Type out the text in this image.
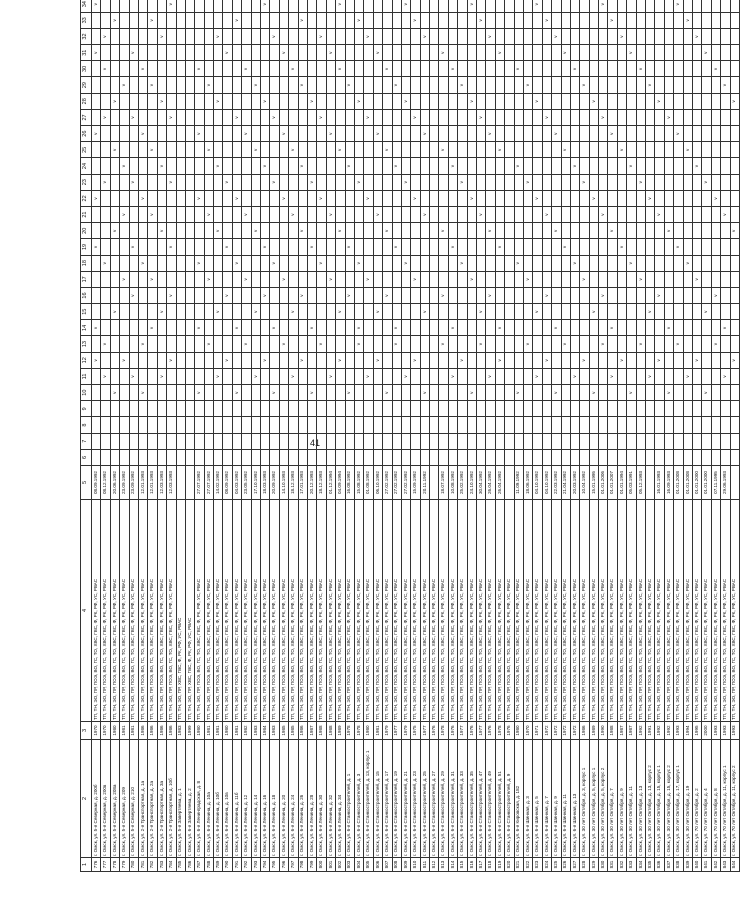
41
1	2	3	4	5	6	7	8	9	10	11	12	13	14	15	16	17	18	19	20	21	22	23	24	25	26	27	28	29	30	31	32	33	34
776	г. Омск, ул. 5-я Северная, д. 200б	1970	ТП, ТН, ЭО, ПР, ПОЭ, ВО, ГС, ТО, ХВС, ГВС, Ф, РК, РФ, УС, РВАС	08.09.1992							v		v					v			v				v					v			v
777	г. Омск, ул. 5-я Северная, д. 200в	1970	ТП, ТН, ЭО, ПР, ПОЭ, ВО, ГС, ТО, ХВС, ГВС, Ф, РК, РФ, УС, РВАС	08.12.1992						v		v					v					v				v			v		v		
778	г. Омск, ул. 5-я Северная, д. 208а	1980	ТП, ТН, ЭО, ПР, ПОЭ, ВО, ГС, ТО, ХВС, ГВС, Ф, РК, РФ, УС, РВАС	20.06.1992					v					v					v					v			v					v	
779	г. Омск, ул. 5-я Северная, д. 209	1981	ТП, ТН, ЭО, ПР, ПОЭ, ВО, ГС, ТО, ХВС, ГВС, Ф, РК, РФ, УС, РВАС	23.09.1992							v					v				v			v					v					
780	г. Омск, ул. 5-я Северная, д. 210	1981	ТП, ТН, ЭО, ПР, ПОЭ, ВО, ГС, ТО, ХВС, ГВС, Ф, РК, РФ, УС, РВАС	23.09.1992						v					v			v				v				v				v			
781	г. Омск, ул. 2-я Транспортная, д. 1а	1986	ТП, ТН, ЭО, ПР, ПОЭ, ВО, ГС, ТО, ХВС, ГВС, Ф, РК, РФ, УС, РВАС	12.01.1993					v			v					v				v				v				v				
782	г. Омск, ул. 2-я Транспортная, д. 2а	1986	ТП, ТН, ЭО, ПР, ПОЭ, ВО, ГС, ТО, ХВС, ГВС, Ф, РК, РФ, УС, РВАС	12.01.1993									v			v				v				v				v				v	
783	г. Омск, ул. 2-я Транспортная, д. 3а	1986	ТП, ТН, ЭО, ПР, ПОЭ, ВО, ГС, ТО, ХВС, ГВС, Ф, РК, РФ, УС, РВАС	12.03.1993						v				v					v				v				v				v		
784	г. Омск, ул. 2-я Транспортная, д. 10б	1986	ТП, ТН, ЭО, ПР, ПОЭ, ВО, ГС, ТО, ХВС, ГВС, Ф, РК, РФ, УС, РВАС	12.03.1993							v				v			v				v				v							v
785	г. Омск, ул. 5-я Завертяева, д. 1	1983	ТП, ТН, ЭО, ПР, ХВС, ГВС, Ф, РК, РФ, УС, РВАС																														
786	г. Омск, ул. 6-я Завертяева, д. 2	1999	ТП, ТН, ЭО, ПР, ХВС, ГВС, Ф, РК, РФ, УС, РВАС																														
787	г. Омск, ул. 6-я Ленинградская, д. 8	1980	ТП, ТН, ЭО, ПР, ПОЭ, ВО, ГС, ТО, ХВС, ГВС, Ф, РК, РФ, УС, РВАС	27.07.1992					v				v				v				v				v				v				
788	г. Омск, ул. 6-я Ленина, д. 10а	1981	ТП, ТН, ЭО, ПР, ПОЭ, ВО, ГС, ТО, ХВС, ГВС, Ф, РК, РФ, УС, РВАС	27.07.1992								v				v				v				v				v					
789	г. Омск, ул. 6-я Ленина, д. 10б	1981	ТП, ТН, ЭО, ПР, ПОЭ, ВО, ГС, ТО, ХВС, ГВС, Ф, РК, РФ, УС, РВАС	14.02.1992						v				v					v				v				v				v		
790	г. Омск, ул. 6-я Ленина, д. 10в	1980	ТП, ТН, ЭО, ПР, ПОЭ, ВО, ГС, ТО, ХВС, ГВС, Ф, РК, РФ, УС, РВАС	08.09.1992							v				v			v				v								v			
791	г. Омск, ул. 6-я Ленина, д. 11б	1981	ТП, ТН, ЭО, ПР, ПОЭ, ВО, ГС, ТО, ХВС, ГВС, Ф, РК, РФ, УС, РВАС	04.03.1992					v				v				v				v					v						v	
792	г. Омск, ул. 6-я Ленина, д. 12	1982	ТП, ТН, ЭО, ПР, ПОЭ, ВО, ГС, ТО, ХВС, ГВС, Ф, РК, РФ, УС, РВАС	23.05.1992								v				v				v					v				v				
793	г. Омск, ул. 6-я Ленина, д. 14	1983	ТП, ТН, ЭО, ПР, ПОЭ, ВО, ГС, ТО, ХВС, ГВС, Ф, РК, РФ, УС, РВАС	17.10.1992						v				v					v					v				v					
794	г. Омск, ул. 6-я Ленина, д. 16	1984	ТП, ТН, ЭО, ПР, ПОЭ, ВО, ГС, ТО, ХВС, ГВС, Ф, РК, РФ, УС, РВАС	18.03.1993							v				v			v					v				v						v
795	г. Омск, ул. 6-я Ленина, д. 18	1983	ТП, ТН, ЭО, ПР, ПОЭ, ВО, ГС, ТО, ХВС, ГВС, Ф, РК, РФ, УС, РВАС	20.09.1992					v				v				v					v				v					v		
796	г. Омск, ул. 6-я Ленина, д. 20	1985	ТП, ТН, ЭО, ПР, ПОЭ, ВО, ГС, ТО, ХВС, ГВС, Ф, РК, РФ, УС, РВАС	14.10.1993								v				v					v				v					v			
797	г. Омск, ул. 6-я Ленина, д. 24	1985	ТП, ТН, ЭО, ПР, ПОЭ, ВО, ГС, ТО, ХВС, ГВС, Ф, РК, РФ, УС, РВАС	18.12.1993						v				v						v				v					v				
798	г. Омск, ул. 6-я Ленина, д. 26	1986	ТП, ТН, ЭО, ПР, ПОЭ, ВО, ГС, ТО, ХВС, ГВС, Ф, РК, РФ, УС, РВАС	17.01.1993							v				v				v				v					v				v	
799	г. Омск, ул. 6-я Ленина, д. 28	1987	ТП, ТН, ЭО, ПР, ПОЭ, ВО, ГС, ТО, ХВС, ГВС, Ф, РК, РФ, УС, РВАС	20.12.1993					v				v					v				v					v						
800	г. Омск, ул. 6-я Ленина, д. 30	1988	ТП, ТН, ЭО, ПР, ПОЭ, ВО, ГС, ТО, ХВС, ГВС, Ф, РК, РФ, УС, РВАС	18.12.1993								v					v				v					v					v		
801	г. Омск, ул. 6-я Ленина, д. 32	1988	ТП, ТН, ЭО, ПР, ПОЭ, ВО, ГС, ТО, ХВС, ГВС, Ф, РК, РФ, УС, РВАС	01.12.1994						v						v				v					v					v			
802	г. Омск, ул. 6-я Ленина, д. 34	1989	ТП, ТН, ЭО, ПР, ПОЭ, ВО, ГС, ТО, ХВС, ГВС, Ф, РК, РФ, УС, РВАС	04.09.1994							v			v					v					v					v				v
803	г. Омск, ул. 6-я Станкостроителей, д. 1	1978	ТП, ТН, ЭО, ПР, ПОЭ, ВО, ГС, ТО, ХВС, ГВС, Ф, РК, РФ, УС, РВАС	16.08.1992					v						v			v					v					v					
804	г. Омск, ул. 6-я Станкостроителей, д. 3	1978	ТП, ТН, ЭО, ПР, ПОЭ, ВО, ГС, ТО, ХВС, ГВС, Ф, РК, РФ, УС, РВАС	15.08.1992								v	v				v					v					v					v	
805	г. Омск, ул. 6-я Станкостроителей, д. 13, корпус 1	1980	ТП, ТН, ЭО, ПР, ПОЭ, ВО, ГС, ТО, ХВС, ГВС, Ф, РК, РФ, УС, РВАС	01.08.1992						v						v					v					v					v		
806	г. Омск, ул. 6-я Станкостроителей, д. 15	1981	ТП, ТН, ЭО, ПР, ПОЭ, ВО, ГС, ТО, ХВС, ГВС, Ф, РК, РФ, УС, РВАС	06.10.1992							v			v						v					v					v			
807	г. Омск, ул. 6-я Станкостроителей, д. 17	1979	ТП, ТН, ЭО, ПР, ПОЭ, ВО, ГС, ТО, ХВС, ГВС, Ф, РК, РФ, УС, РВАС	27.02.1992					v						v				v					v					v				
808	г. Омск, ул. 6-я Станкостроителей, д. 19	1977	ТП, ТН, ЭО, ПР, ПОЭ, ВО, ГС, ТО, ХВС, ГВС, Ф, РК, РФ, УС, РВАС	27.02.1992								v	v					v					v					v					
809	г. Омск, ул. 6-я Станкостроителей, д. 21	1979	ТП, ТН, ЭО, ПР, ПОЭ, ВО, ГС, ТО, ХВС, ГВС, Ф, РК, РФ, УС, РВАС	27.02.1992						v							v					v					v						v
810	г. Омск, ул. 6-я Станкостроителей, д. 23	1975	ТП, ТН, ЭО, ПР, ПОЭ, ВО, ГС, ТО, ХВС, ГВС, Ф, РК, РФ, УС, РВАС	15.09.1992							v					v					v					v						v	
811	г. Омск, ул. 6-я Станкостроителей, д. 25	1977	ТП, ТН, ЭО, ПР, ПОЭ, ВО, ГС, ТО, ХВС, ГВС, Ф, РК, РФ, УС, РВАС	20.11.1992					v					v						v					v						v		
812	г. Омск, ул. 6-я Станкостроителей, д. 27	1976	ТП, ТН, ЭО, ПР, ПОЭ, ВО, ГС, ТО, ХВС, ГВС, Ф, РК, РФ, УС, РВАС																														
813	г. Омск, ул. 6-я Станкостроителей, д. 29	1978	ТП, ТН, ЭО, ПР, ПОЭ, ВО, ГС, ТО, ХВС, ГВС, Ф, РК, РФ, УС, РВАС	18.07.1992								v			v				v					v						v			
814	г. Омск, ул. 6-я Станкостроителей, д. 31	1976	ТП, ТН, ЭО, ПР, ПОЭ, ВО, ГС, ТО, ХВС, ГВС, Ф, РК, РФ, УС, РВАС	10.08.1992						v			v					v					v						v				
815	г. Омск, ул. 6-я Станкостроителей, д. 33	1977	ТП, ТН, ЭО, ПР, ПОЭ, ВО, ГС, ТО, ХВС, ГВС, Ф, РК, РФ, УС, РВАС	25.02.1992							v						v					v						v					
816	г. Омск, ул. 6-я Станкостроителей, д. 35	1976	ТП, ТН, ЭО, ПР, ПОЭ, ВО, ГС, ТО, ХВС, ГВС, Ф, РК, РФ, УС, РВАС	24.10.1992					v							v					v						v						v
817	г. Омск, ул. 6-я Станкостроителей, д. 47	1977	ТП, ТН, ЭО, ПР, ПОЭ, ВО, ГС, ТО, ХВС, ГВС, Ф, РК, РФ, УС, РВАС	30.04.1992								v		v						v						v						v	
818	г. Омск, ул. 6-я Станкостроителей, д. 49	1976	ТП, ТН, ЭО, ПР, ПОЭ, ВО, ГС, ТО, ХВС, ГВС, Ф, РК, РФ, УС, РВАС	26.04.1992						v					v				v						v						v		
819	г. Омск, ул. 6-я Станкостроителей, д. 51	1978	ТП, ТН, ЭО, ПР, ПОЭ, ВО, ГС, ТО, ХВС, ГВС, Ф, РК, РФ, УС, РВАС	26.04.1992							v		v					v						v						v			
820	г. Омск, ул. 6-я Станкостроителей, д. 9	1976	ТП, ТН, ЭО, ПР, ПОЭ, ВО, ГС, ТО, ХВС, ГВС, Ф, РК, РФ, УС, РВАС																														
821	г. Омск, ул. 6-я Кировская, д. 182	1980	ТП, ТН, ЭО, ПР, ПОЭ, ВО, ГС, ТО, ХВС, ГВС, Ф, РК, РФ, УС, РВАС	11.09.1992					v								v						v						v				
822	г. Омск, ул. 6-я Шинная, д. 3	1970	ТП, ТН, ЭО, ПР, ПОЭ, ВО, ГС, ТО, ХВС, ГВС, Ф, РК, РФ, УС, РВАС	18.06.1992								v				v						v						v					
823	г. Омск, ул. 6-я Шинная, д. 5	1971	ТП, ТН, ЭО, ПР, ПОЭ, ВО, ГС, ТО, ХВС, ГВС, Ф, РК, РФ, УС, РВАС	04.10.1992						v				v							v						v						v
824	г. Омск, ул. 6-я Шинная, д. 7	1972	ТП, ТН, ЭО, ПР, ПОЭ, ВО, ГС, ТО, ХВС, ГВС, Ф, РК, РФ, УС, РВАС	04.10.1992							v				v					v						v						v	
825	г. Омск, ул. 6-я Шинная, д. 9	1972	ТП, ТН, ЭО, ПР, ПОЭ, ВО, ГС, ТО, ХВС, ГВС, Ф, РК, РФ, УС, РВАС	22.03.1992					v				v						v						v						v		
826	г. Омск, ул. 6-я Шинная, д. 11	1972	ТП, ТН, ЭО, ПР, ПОЭ, ВО, ГС, ТО, ХВС, ГВС, Ф, РК, РФ, УС, РВАС	21.04.1992								v						v						v						v			
827	г. Омск, ул. 6-я Шинная, д. 13	1972	ТП, ТН, ЭО, ПР, ПОЭ, ВО, ГС, ТО, ХВС, ГВС, Ф, РК, РФ, УС, РВАС	20.03.1992						v							v						v						v				
828	г. Омск, ул. 30 лет Октября, д. 3, корпус 1	1986	ТП, ТН, ЭО, ПР, ПОЭ, ВО, ГС, ТО, ХВС, ГВС, Ф, РК, РФ, УС, РВАС	10.04.1992							v					v						v						v					
829	г. Омск, ул. 30 лет Октября, д. 5, корпус 1	1989	ТП, ТН, ЭО, ПР, ПОЭ, ВО, ГС, ТО, ХВС, ГВС, Ф, РК, РФ, УС, РВАС	15.01.1995					v					v							v						v						
830	г. Омск, ул. 30 лет Октября, д. 5, корпус 2	1990	ТП, ТН, ЭО, ПР, ПОЭ, ВО, ГС, ТО, ХВС, ГВС, Ф, РК, РФ, УС, РВАС	01.01.2006								v			v					v						v							v
831	г. Омск, ул. 30 лет Октября, д. 7	1988	ТП, ТН, ЭО, ПР, ПОЭ, ВО, ГС, ТО, ХВС, ГВС, Ф, РК, РФ, УС, РВАС	01.01.2007						v			v						v						v							v	
832	г. Омск, ул. 30 лет Октября, д. 9	1987	ТП, ТН, ЭО, ПР, ПОЭ, ВО, ГС, ТО, ХВС, ГВС, Ф, РК, РФ, УС, РВАС	01.01.1994							v							v						v							v		
833	г. Омск, ул. 30 лет Октября, д. 11	1987	ТП, ТН, ЭО, ПР, ПОЭ, ВО, ГС, ТО, ХВС, ГВС, Ф, РК, РФ, УС, РВАС	05.03.1991					v								v						v							v			
834	г. Омск, ул. 30 лет Октября, д. 13	1992	ТП, ТН, ЭО, ПР, ПОЭ, ВО, ГС, ТО, ХВС, ГВС, Ф, РК, РФ, УС, РВАС	05.12.1993								v				v						v							v				
835	г. Омск, ул. 30 лет Октября, д. 13, корпус 2	1991	ТП, ТН, ЭО, ПР, ПОЭ, ВО, ГС, ТО, ХВС, ГВС, Ф, РК, РФ, УС, РВАС							v				v							v							v					
836	г. Омск, ул. 30 лет Октября, д. 15, корпус 1	1992	ТП, ТН, ЭО, ПР, ПОЭ, ВО, ГС, ТО, ХВС, ГВС, Ф, РК, РФ, УС, РВАС	16.01.1993							v				v					v							v						
837	г. Омск, ул. 30 лет Октября, д. 15, корпус 2	1992	ТП, ТН, ЭО, ПР, ПОЭ, ВО, ГС, ТО, ХВС, ГВС, Ф, РК, РФ, УС, РВАС	16.09.1993					v				v						v							v							
838	г. Омск, ул. 30 лет Октября, д. 17, корпус 1	1993	ТП, ТН, ЭО, ПР, ПОЭ, ВО, ГС, ТО, ХВС, ГВС, Ф, РК, РФ, УС, РВАС	01.01.2008								v						v							v								v
839	г. Омск, ул. 30 лет Октября, д. 19	1994	ТП, ТН, ЭО, ПР, ПОЭ, ВО, ГС, ТО, ХВС, ГВС, Ф, РК, РФ, УС, РВАС	01.01.2008						v							v							v								v	
840	г. Омск, ул. 70 лет Октября, д. 2	1995	ТП, ТН, ЭО, ПР, ПОЭ, ВО, ГС, ТО, ХВС, ГВС, Ф, РК, РФ, УС, РВАС	01.01.2000							v					v							v								v		
841	г. Омск, ул. 70 лет Октября, д. 4	2000	ТП, ТН, ЭО, ПР, ПОЭ, ВО, ГС, ТО, ХВС, ГВС, Ф, РК, РФ, УС, РВАС	01.01.2000					v					v								v								v			
842	г. Омск, ул. 70 лет Октября, д. 8	1993	ТП, ТН, ЭО, ПР, ПОЭ, ВО, ГС, ТО, ХВС, ГВС, Ф, РК, РФ, УС, РВАС	07.11.1995								v			v						v								v				
843	г. Омск, ул. 70 лет Октября, д. 11, корпус 1	1993	ТП, ТН, ЭО, ПР, ПОЭ, ВО, ГС, ТО, ХВС, ГВС, Ф, РК, РФ, УС, РВАС	29.06.1993						v			v							v								v					
844	г. Омск, ул. 70 лет Октября, д. 11, корпус 2	1993	ТП, ТН, ЭО, ПР, ПОЭ, ВО, ГС, ТО, ХВС, ГВС, Ф, РК, РФ, УС, РВАС								v								v								v						
